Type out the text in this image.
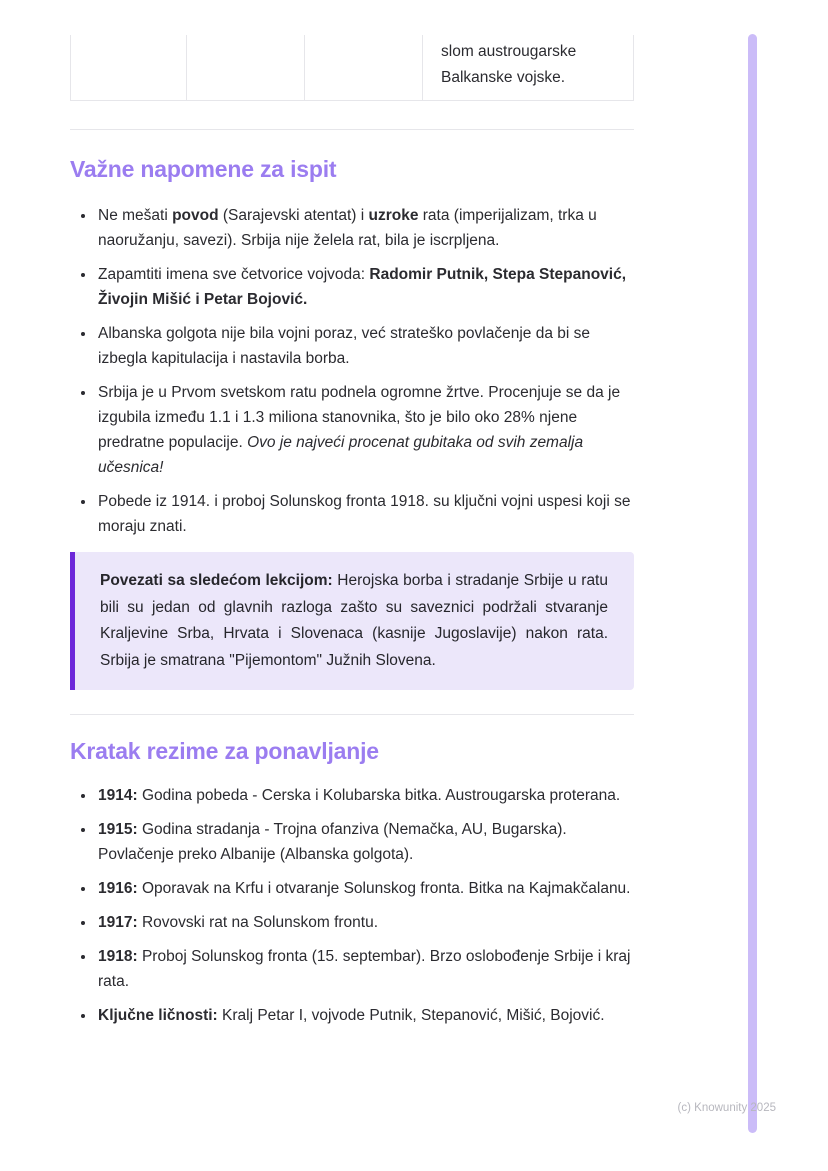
slom austrougarske Balkanske vojske.
Važne napomene za ispit
• Ne mešati povod (Sarajevski atentat) i uzroke rata (imperijalizam, trka u naoružanju, savezi). Srbija nije želela rat, bila je iscrpljena.
• Zapamtiti imena sve četvorice vojvoda: Radomir Putnik, Stepa Stepanović, Živojin Mišić i Petar Bojović.
• Albanska golgota nije bila vojni poraz, već strateško povlačenje da bi se izbegla kapitulacija i nastavila borba.
• Srbija je u Prvom svetskom ratu podnela ogromne žrtve. Procenjuje se da je izgubila između 1.1 i 1.3 miliona stanovnika, što je bilo oko 28% njene predratne populacije. Ovo je najveći procenat gubitaka od svih zemalja učesnica!
• Pobede iz 1914. i proboj Solunskog fronta 1918. su ključni vojni uspesi koji se moraju znati.
Povezati sa sledećom lekcijom: Herojska borba i stradanje Srbije u ratu bili su jedan od glavnih razloga zašto su saveznici podržali stvaranje Kraljevine Srba, Hrvata i Slovenaca (kasnije Jugoslavije) nakon rata. Srbija je smatrana "Pijemontom" Južnih Slovena.
Kratak rezime za ponavljanje
• 1914: Godina pobeda - Cerska i Kolubarska bitka. Austrougarska proterana.
• 1915: Godina stradanja - Trojna ofanziva (Nemačka, AU, Bugarska). Povlačenje preko Albanije (Albanska golgota).
• 1916: Oporavak na Krfu i otvaranje Solunskog fronta. Bitka na Kajmakčalanu.
• 1917: Rovovski rat na Solunskom frontu.
• 1918: Proboj Solunskog fronta (15. septembar). Brzo oslobođenje Srbije i kraj rata.
• Ključne ličnosti: Kralj Petar I, vojvode Putnik, Stepanović, Mišić, Bojović.
(c) Knowunity 2025
